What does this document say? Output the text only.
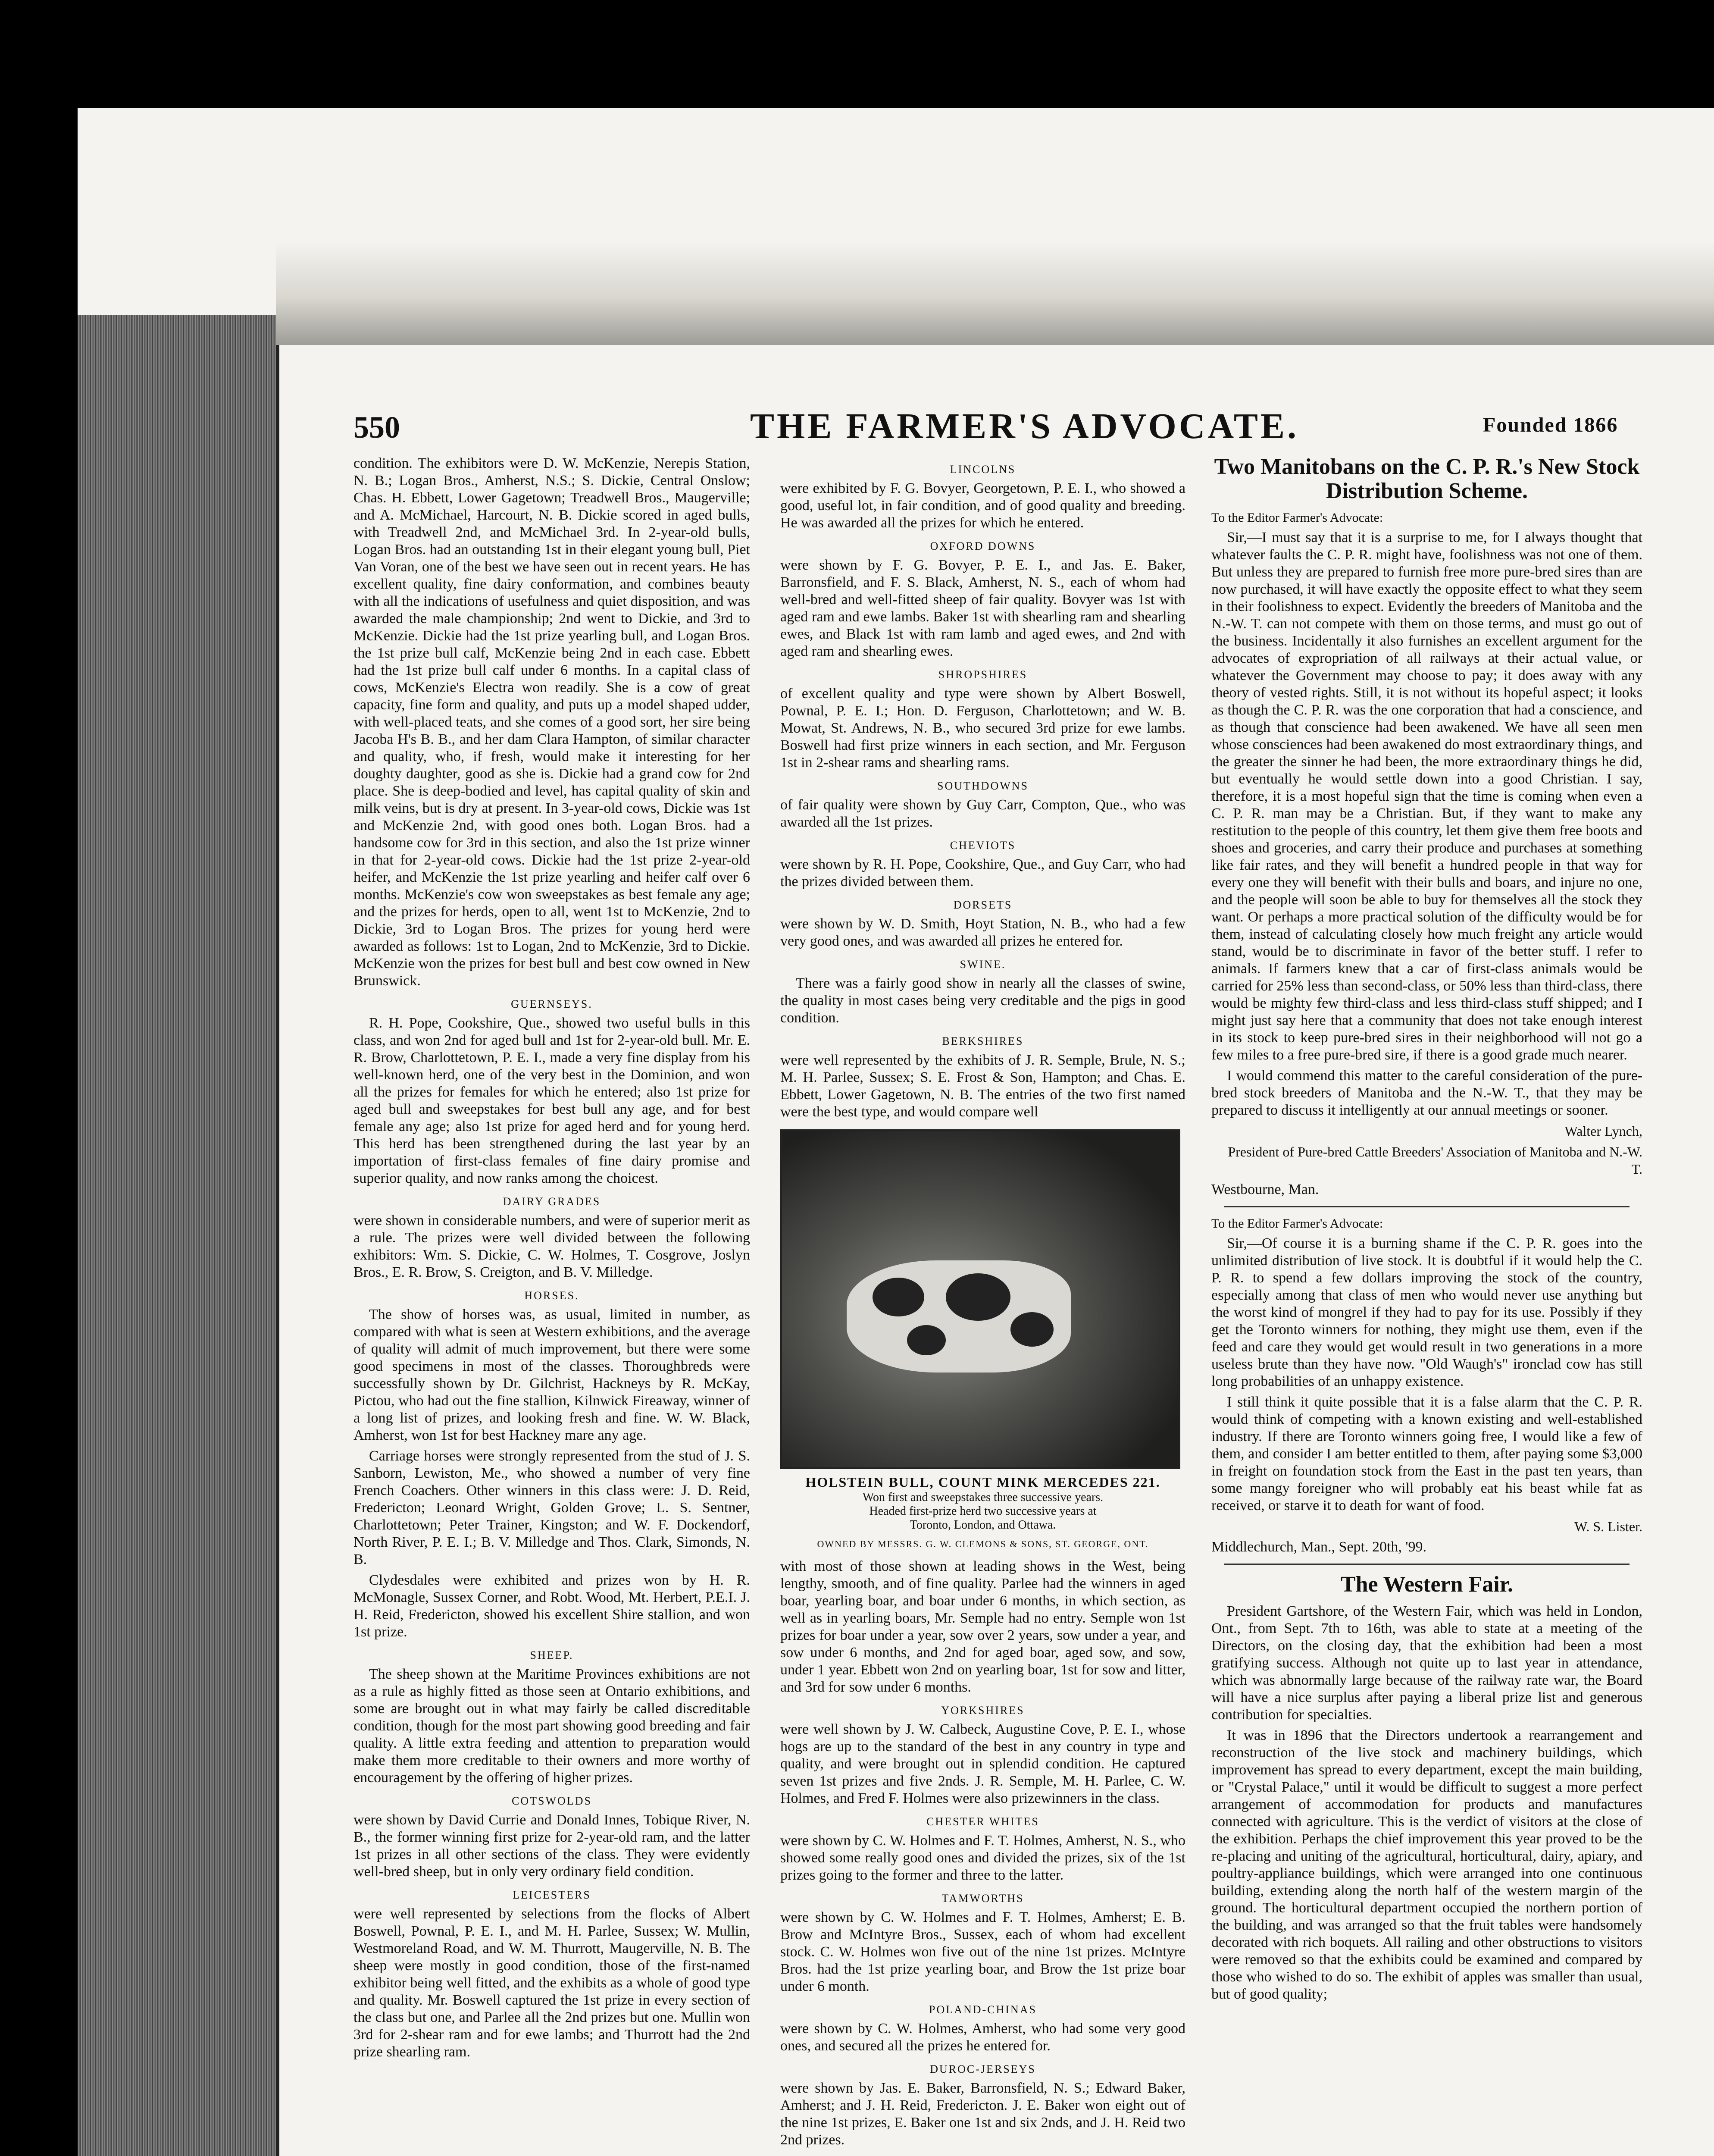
550	THE FARMER'S ADVOCATE.	Founded 1866

condition. The exhibitors were D. W. McKenzie, Nerepis Station, N. B.; Logan Bros., Amherst, N.S.; S. Dickie, Central Onslow; Chas. H. Ebbett, Lower Gagetown; Treadwell Bros., Maugerville; and A. McMichael, Harcourt, N. B. Dickie scored in aged bulls, with Treadwell 2nd, and McMichael 3rd. In 2-year-old bulls, Logan Bros. had an outstanding 1st in their elegant young bull, Piet Van Voran, one of the best we have seen out in recent years. He has excellent quality, fine dairy conformation, and combines beauty with all the indications of usefulness and quiet disposition, and was awarded the male championship; 2nd went to Dickie, and 3rd to McKenzie. Dickie had the 1st prize yearling bull, and Logan Bros. the 1st prize bull calf, McKenzie being 2nd in each case. Ebbett had the 1st prize bull calf under 6 months. In a capital class of cows, McKenzie's Electra won readily. She is a cow of great capacity, fine form and quality, and puts up a model shaped udder, with well-placed teats, and she comes of a good sort, her sire being Jacoba H's B. B., and her dam Clara Hampton, of similar character and quality, who, if fresh, would make it interesting for her doughty daughter, good as she is. Dickie had a grand cow for 2nd place. She is deep-bodied and level, has capital quality of skin and milk veins, but is dry at present. In 3-year-old cows, Dickie was 1st and McKenzie 2nd, with good ones both. Logan Bros. had a handsome cow for 3rd in this section, and also the 1st prize winner in that for 2-year-old cows. Dickie had the 1st prize 2-year-old heifer, and McKenzie the 1st prize yearling and heifer calf over 6 months. McKenzie's cow won sweepstakes as best female any age; and the prizes for herds, open to all, went 1st to McKenzie, 2nd to Dickie, 3rd to Logan Bros. The prizes for young herd were awarded as follows: 1st to Logan, 2nd to McKenzie, 3rd to Dickie. McKenzie won the prizes for best bull and best cow owned in New Brunswick.

GUERNSEYS.

R. H. Pope, Cookshire, Que., showed two useful bulls in this class, and won 2nd for aged bull and 1st for 2-year-old bull. Mr. E. R. Brow, Charlottetown, P. E. I., made a very fine display from his well-known herd, one of the very best in the Dominion, and won all the prizes for females for which he entered; also 1st prize for aged bull and sweepstakes for best bull any age, and for best female any age; also 1st prize for aged herd and for young herd. This herd has been strengthened during the last year by an importation of first-class females of fine dairy promise and superior quality, and now ranks among the choicest.

DAIRY GRADES

were shown in considerable numbers, and were of superior merit as a rule. The prizes were well divided between the following exhibitors: Wm. S. Dickie, C. W. Holmes, T. Cosgrove, Joslyn Bros., E. R. Brow, S. Creigton, and B. V. Milledge.

HORSES.

The show of horses was, as usual, limited in number, as compared with what is seen at Western exhibitions, and the average of quality will admit of much improvement, but there were some good specimens in most of the classes. Thoroughbreds were successfully shown by Dr. Gilchrist, Hackneys by R. McKay, Pictou, who had out the fine stallion, Kilnwick Fireaway, winner of a long list of prizes, and looking fresh and fine. W. W. Black, Amherst, won 1st for best Hackney mare any age.

Carriage horses were strongly represented from the stud of J. S. Sanborn, Lewiston, Me., who showed a number of very fine French Coachers. Other winners in this class were: J. D. Reid, Fredericton; Leonard Wright, Golden Grove; L. S. Sentner, Charlottetown; Peter Trainer, Kingston; and W. F. Dockendorf, North River, P. E. I.; B. V. Milledge and Thos. Clark, Simonds, N. B.

Clydesdales were exhibited and prizes won by H. R. McMonagle, Sussex Corner, and Robt. Wood, Mt. Herbert, P.E.I. J. H. Reid, Fredericton, showed his excellent Shire stallion, and won 1st prize.

SHEEP.

The sheep shown at the Maritime Provinces exhibitions are not as a rule as highly fitted as those seen at Ontario exhibitions, and some are brought out in what may fairly be called discreditable condition, though for the most part showing good breeding and fair quality. A little extra feeding and attention to preparation would make them more creditable to their owners and more worthy of encouragement by the offering of higher prizes.

COTSWOLDS

were shown by David Currie and Donald Innes, Tobique River, N. B., the former winning first prize for 2-year-old ram, and the latter 1st prizes in all other sections of the class. They were evidently well-bred sheep, but in only very ordinary field condition.

LEICESTERS

were well represented by selections from the flocks of Albert Boswell, Pownal, P. E. I., and M. H. Parlee, Sussex; W. Mullin, Westmoreland Road, and W. M. Thurrott, Maugerville, N. B. The sheep were mostly in good condition, those of the first-named exhibitor being well fitted, and the exhibits as a whole of good type and quality. Mr. Boswell captured the 1st prize in every section of the class but one, and Parlee all the 2nd prizes but one. Mullin won 3rd for 2-shear ram and for ewe lambs; and Thurrott had the 2nd prize shearling ram.

LINCOLNS

were exhibited by F. G. Bovyer, Georgetown, P. E. I., who showed a good, useful lot, in fair condition, and of good quality and breeding. He was awarded all the prizes for which he entered.

OXFORD DOWNS

were shown by F. G. Bovyer, P. E. I., and Jas. E. Baker, Barronsfield, and F. S. Black, Amherst, N. S., each of whom had well-bred and well-fitted sheep of fair quality. Bovyer was 1st with aged ram and ewe lambs. Baker 1st with shearling ram and shearling ewes, and Black 1st with ram lamb and aged ewes, and 2nd with aged ram and shearling ewes.

SHROPSHIRES

of excellent quality and type were shown by Albert Boswell, Pownal, P. E. I.; Hon. D. Ferguson, Charlottetown; and W. B. Mowat, St. Andrews, N. B., who secured 3rd prize for ewe lambs. Boswell had first prize winners in each section, and Mr. Ferguson 1st in 2-shear rams and shearling rams.

SOUTHDOWNS

of fair quality were shown by Guy Carr, Compton, Que., who was awarded all the 1st prizes.

CHEVIOTS

were shown by R. H. Pope, Cookshire, Que., and Guy Carr, who had the prizes divided between them.

DORSETS

were shown by W. D. Smith, Hoyt Station, N. B., who had a few very good ones, and was awarded all prizes he entered for.

SWINE.

There was a fairly good show in nearly all the classes of swine, the quality in most cases being very creditable and the pigs in good condition.

BERKSHIRES

were well represented by the exhibits of J. R. Semple, Brule, N. S.; M. H. Parlee, Sussex; S. E. Frost & Son, Hampton; and Chas. E. Ebbett, Lower Gagetown, N. B. The entries of the two first named were the best type, and would compare well

HOLSTEIN BULL, COUNT MINK MERCEDES 221.
Won first and sweepstakes three successive years.
Headed first-prize herd two successive years at
Toronto, London, and Ottawa.
OWNED BY MESSRS. G. W. CLEMONS & SONS, ST. GEORGE, ONT.

with most of those shown at leading shows in the West, being lengthy, smooth, and of fine quality. Parlee had the winners in aged boar, yearling boar, and boar under 6 months, in which section, as well as in yearling boars, Mr. Semple had no entry. Semple won 1st prizes for boar under a year, sow over 2 years, sow under a year, and sow under 6 months, and 2nd for aged boar, aged sow, and sow, under 1 year. Ebbett won 2nd on yearling boar, 1st for sow and litter, and 3rd for sow under 6 months.

YORKSHIRES

were well shown by J. W. Calbeck, Augustine Cove, P. E. I., whose hogs are up to the standard of the best in any country in type and quality, and were brought out in splendid condition. He captured seven 1st prizes and five 2nds. J. R. Semple, M. H. Parlee, C. W. Holmes, and Fred F. Holmes were also prizewinners in the class.

CHESTER WHITES

were shown by C. W. Holmes and F. T. Holmes, Amherst, N. S., who showed some really good ones and divided the prizes, six of the 1st prizes going to the former and three to the latter.

TAMWORTHS

were shown by C. W. Holmes and F. T. Holmes, Amherst; E. B. Brow and McIntyre Bros., Sussex, each of whom had excellent stock. C. W. Holmes won five out of the nine 1st prizes. McIntyre Bros. had the 1st prize yearling boar, and Brow the 1st prize boar under 6 month.

POLAND-CHINAS

were shown by C. W. Holmes, Amherst, who had some very good ones, and secured all the prizes he entered for.

DUROC-JERSEYS

were shown by Jas. E. Baker, Barronsfield, N. S.; Edward Baker, Amherst; and J. H. Reid, Fredericton. J. E. Baker won eight out of the nine 1st prizes, E. Baker one 1st and six 2nds, and J. H. Reid two 2nd prizes.

Two Manitobans on the C. P. R.'s New Stock Distribution Scheme.
To the Editor Farmer's Advocate:

Sir,—I must say that it is a surprise to me, for I always thought that whatever faults the C. P. R. might have, foolishness was not one of them. But unless they are prepared to furnish free more pure-bred sires than are now purchased, it will have exactly the opposite effect to what they seem in their foolishness to expect. Evidently the breeders of Manitoba and the N.-W. T. can not compete with them on those terms, and must go out of the business. Incidentally it also furnishes an excellent argument for the advocates of expropriation of all railways at their actual value, or whatever the Government may choose to pay; it does away with any theory of vested rights. Still, it is not without its hopeful aspect; it looks as though the C. P. R. was the one corporation that had a conscience, and as though that conscience had been awakened. We have all seen men whose consciences had been awakened do most extraordinary things, and the greater the sinner he had been, the more extraordinary things he did, but eventually he would settle down into a good Christian. I say, therefore, it is a most hopeful sign that the time is coming when even a C. P. R. man may be a Christian. But, if they want to make any restitution to the people of this country, let them give them free boots and shoes and groceries, and carry their produce and purchases at something like fair rates, and they will benefit a hundred people in that way for every one they will benefit with their bulls and boars, and injure no one, and the people will soon be able to buy for themselves all the stock they want. Or perhaps a more practical solution of the difficulty would be for them, instead of calculating closely how much freight any article would stand, would be to discriminate in favor of the better stuff. I refer to animals. If farmers knew that a car of first-class animals would be carried for 25% less than second-class, or 50% less than third-class, there would be mighty few third-class and less third-class stuff shipped; and I might just say here that a community that does not take enough interest in its stock to keep pure-bred sires in their neighborhood will not go a few miles to a free pure-bred sire, if there is a good grade much nearer.

I would commend this matter to the careful consideration of the pure-bred stock breeders of Manitoba and the N.-W. T., that they may be prepared to discuss it intelligently at our annual meetings or sooner.

Walter Lynch,

President of Pure-bred Cattle Breeders' Association of Manitoba and N.-W. T.

Westbourne, Man.

To the Editor Farmer's Advocate:

Sir,—Of course it is a burning shame if the C. P. R. goes into the unlimited distribution of live stock. It is doubtful if it would help the C. P. R. to spend a few dollars improving the stock of the country, especially among that class of men who would never use anything but the worst kind of mongrel if they had to pay for its use. Possibly if they get the Toronto winners for nothing, they might use them, even if the feed and care they would get would result in two generations in a more useless brute than they have now. "Old Waugh's" ironclad cow has still long probabilities of an unhappy existence.

I still think it quite possible that it is a false alarm that the C. P. R. would think of competing with a known existing and well-established industry. If there are Toronto winners going free, I would like a few of them, and consider I am better entitled to them, after paying some $3,000 in freight on foundation stock from the East in the past ten years, than some mangy foreigner who will probably eat his beast while fat as received, or starve it to death for want of food.

W. S. Lister.

Middlechurch, Man., Sept. 20th, '99.

The Western Fair.

President Gartshore, of the Western Fair, which was held in London, Ont., from Sept. 7th to 16th, was able to state at a meeting of the Directors, on the closing day, that the exhibition had been a most gratifying success. Although not quite up to last year in attendance, which was abnormally large because of the railway rate war, the Board will have a nice surplus after paying a liberal prize list and generous contribution for specialties.

It was in 1896 that the Directors undertook a rearrangement and reconstruction of the live stock and machinery buildings, which improvement has spread to every department, except the main building, or "Crystal Palace," until it would be difficult to suggest a more perfect arrangement of accommodation for products and manufactures connected with agriculture. This is the verdict of visitors at the close of the exhibition. Perhaps the chief improvement this year proved to be the re-placing and uniting of the agricultural, horticultural, dairy, apiary, and poultry-appliance buildings, which were arranged into one continuous building, extending along the north half of the western margin of the ground. The horticultural department occupied the northern portion of the building, and was arranged so that the fruit tables were handsomely decorated with rich boquets. All railing and other obstructions to visitors were removed so that the exhibits could be examined and compared by those who wished to do so. The exhibit of apples was smaller than usual, but of good quality;
